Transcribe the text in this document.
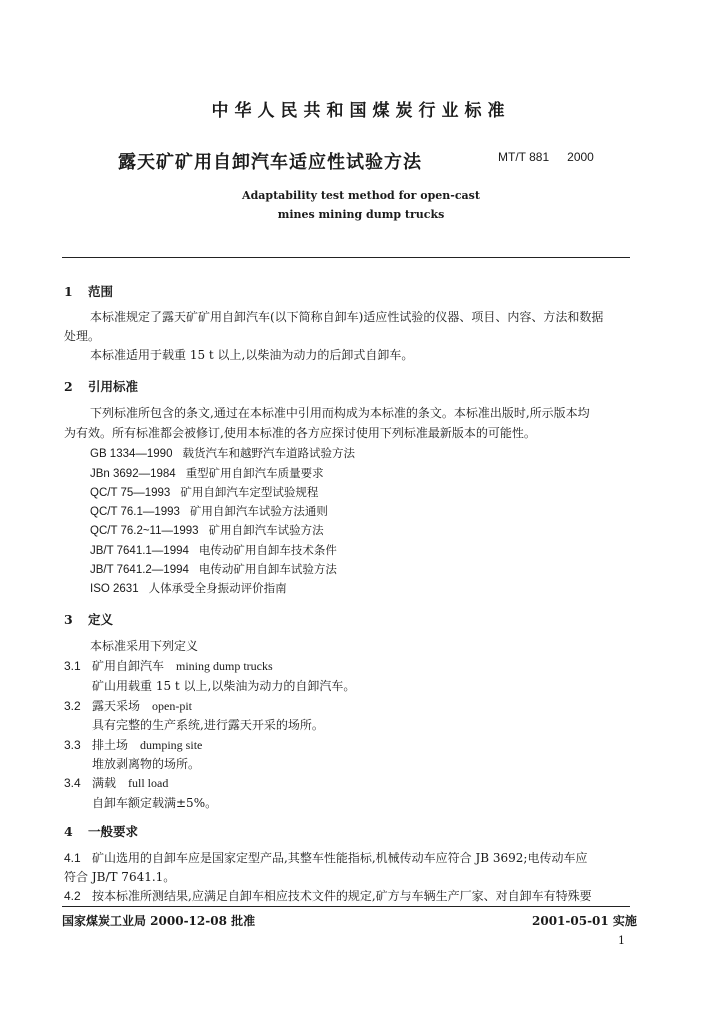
中华人民共和国煤炭行业标准
露天矿矿用自卸汽车适应性试验方法	MT/T 881 2000
Adaptability test method for open-cast
mines mining dump trucks
1 范围
本标准规定了露天矿矿用自卸汽车(以下简称自卸车)适应性试验的仪器、项目、内容、方法和数据
处理。
本标准适用于载重 15 t 以上,以柴油为动力的后卸式自卸车。
2 引用标准
下列标准所包含的条文,通过在本标准中引用而构成为本标准的条文。本标准出版时,所示版本均
为有效。所有标准都会被修订,使用本标准的各方应探讨使用下列标准最新版本的可能性。
GB 1334—1990 载货汽车和越野汽车道路试验方法
JBn 3692—1984 重型矿用自卸汽车质量要求
QC/T 75—1993 矿用自卸汽车定型试验规程
QC/T 76.1—1993 矿用自卸汽车试验方法通则
QC/T 76.2~11—1993 矿用自卸汽车试验方法
JB/T 7641.1—1994 电传动矿用自卸车技术条件
JB/T 7641.2—1994 电传动矿用自卸车试验方法
ISO 2631 人体承受全身振动评价指南
3 定义
本标准采用下列定义
3.1 矿用自卸汽车 mining dump trucks
矿山用载重 15 t 以上,以柴油为动力的自卸汽车。
3.2 露天采场 open-pit
具有完整的生产系统,进行露天开采的场所。
3.3 排土场 dumping site
堆放剥离物的场所。
3.4 满载 full load
自卸车额定载满±5%。
4 一般要求
4.1 矿山选用的自卸车应是国家定型产品,其整车性能指标,机械传动车应符合 JB 3692;电传动车应
符合 JB/T 7641.1。
4.2 按本标准所测结果,应满足自卸车相应技术文件的规定,矿方与车辆生产厂家、对自卸车有特殊要
国家煤炭工业局 2000-12-08 批准	2001-05-01 实施
1
